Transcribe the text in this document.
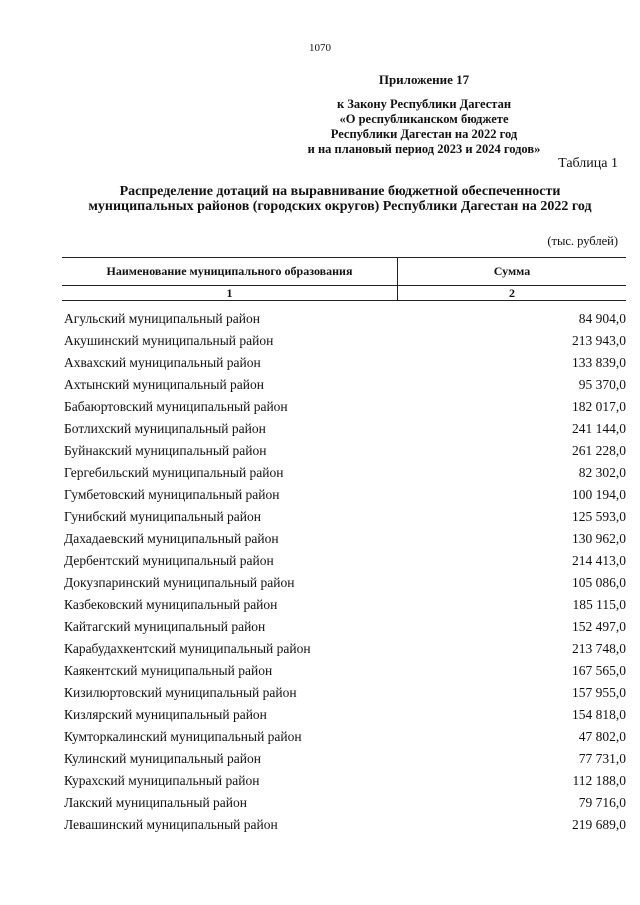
1070
Приложение 17
к Закону Республики Дагестан
«О республиканском бюджете
Республики Дагестан на 2022 год
и на плановый период 2023 и 2024 годов»
Таблица 1
Распределение дотаций на выравнивание бюджетной обеспеченности
муниципальных районов (городских округов) Республики Дагестан на 2022 год
(тыс. рублей)
Наименование муниципального образования	Сумма
1	2
Агульский муниципальный район	84 904,0
Акушинский муниципальный район	213 943,0
Ахвахский муниципальный район	133 839,0
Ахтынский муниципальный район	95 370,0
Бабаюртовский муниципальный район	182 017,0
Ботлихский муниципальный район	241 144,0
Буйнакский муниципальный район	261 228,0
Гергебильский муниципальный район	82 302,0
Гумбетовский муниципальный район	100 194,0
Гунибский муниципальный район	125 593,0
Дахадаевский муниципальный район	130 962,0
Дербентский муниципальный район	214 413,0
Докузпаринский муниципальный район	105 086,0
Казбековский муниципальный район	185 115,0
Кайтагский муниципальный район	152 497,0
Карабудахкентский муниципальный район	213 748,0
Каякентский муниципальный район	167 565,0
Кизилюртовский муниципальный район	157 955,0
Кизлярский муниципальный район	154 818,0
Кумторкалинский муниципальный район	47 802,0
Кулинский муниципальный район	77 731,0
Курахский муниципальный район	112 188,0
Лакский муниципальный район	79 716,0
Левашинский муниципальный район	219 689,0
